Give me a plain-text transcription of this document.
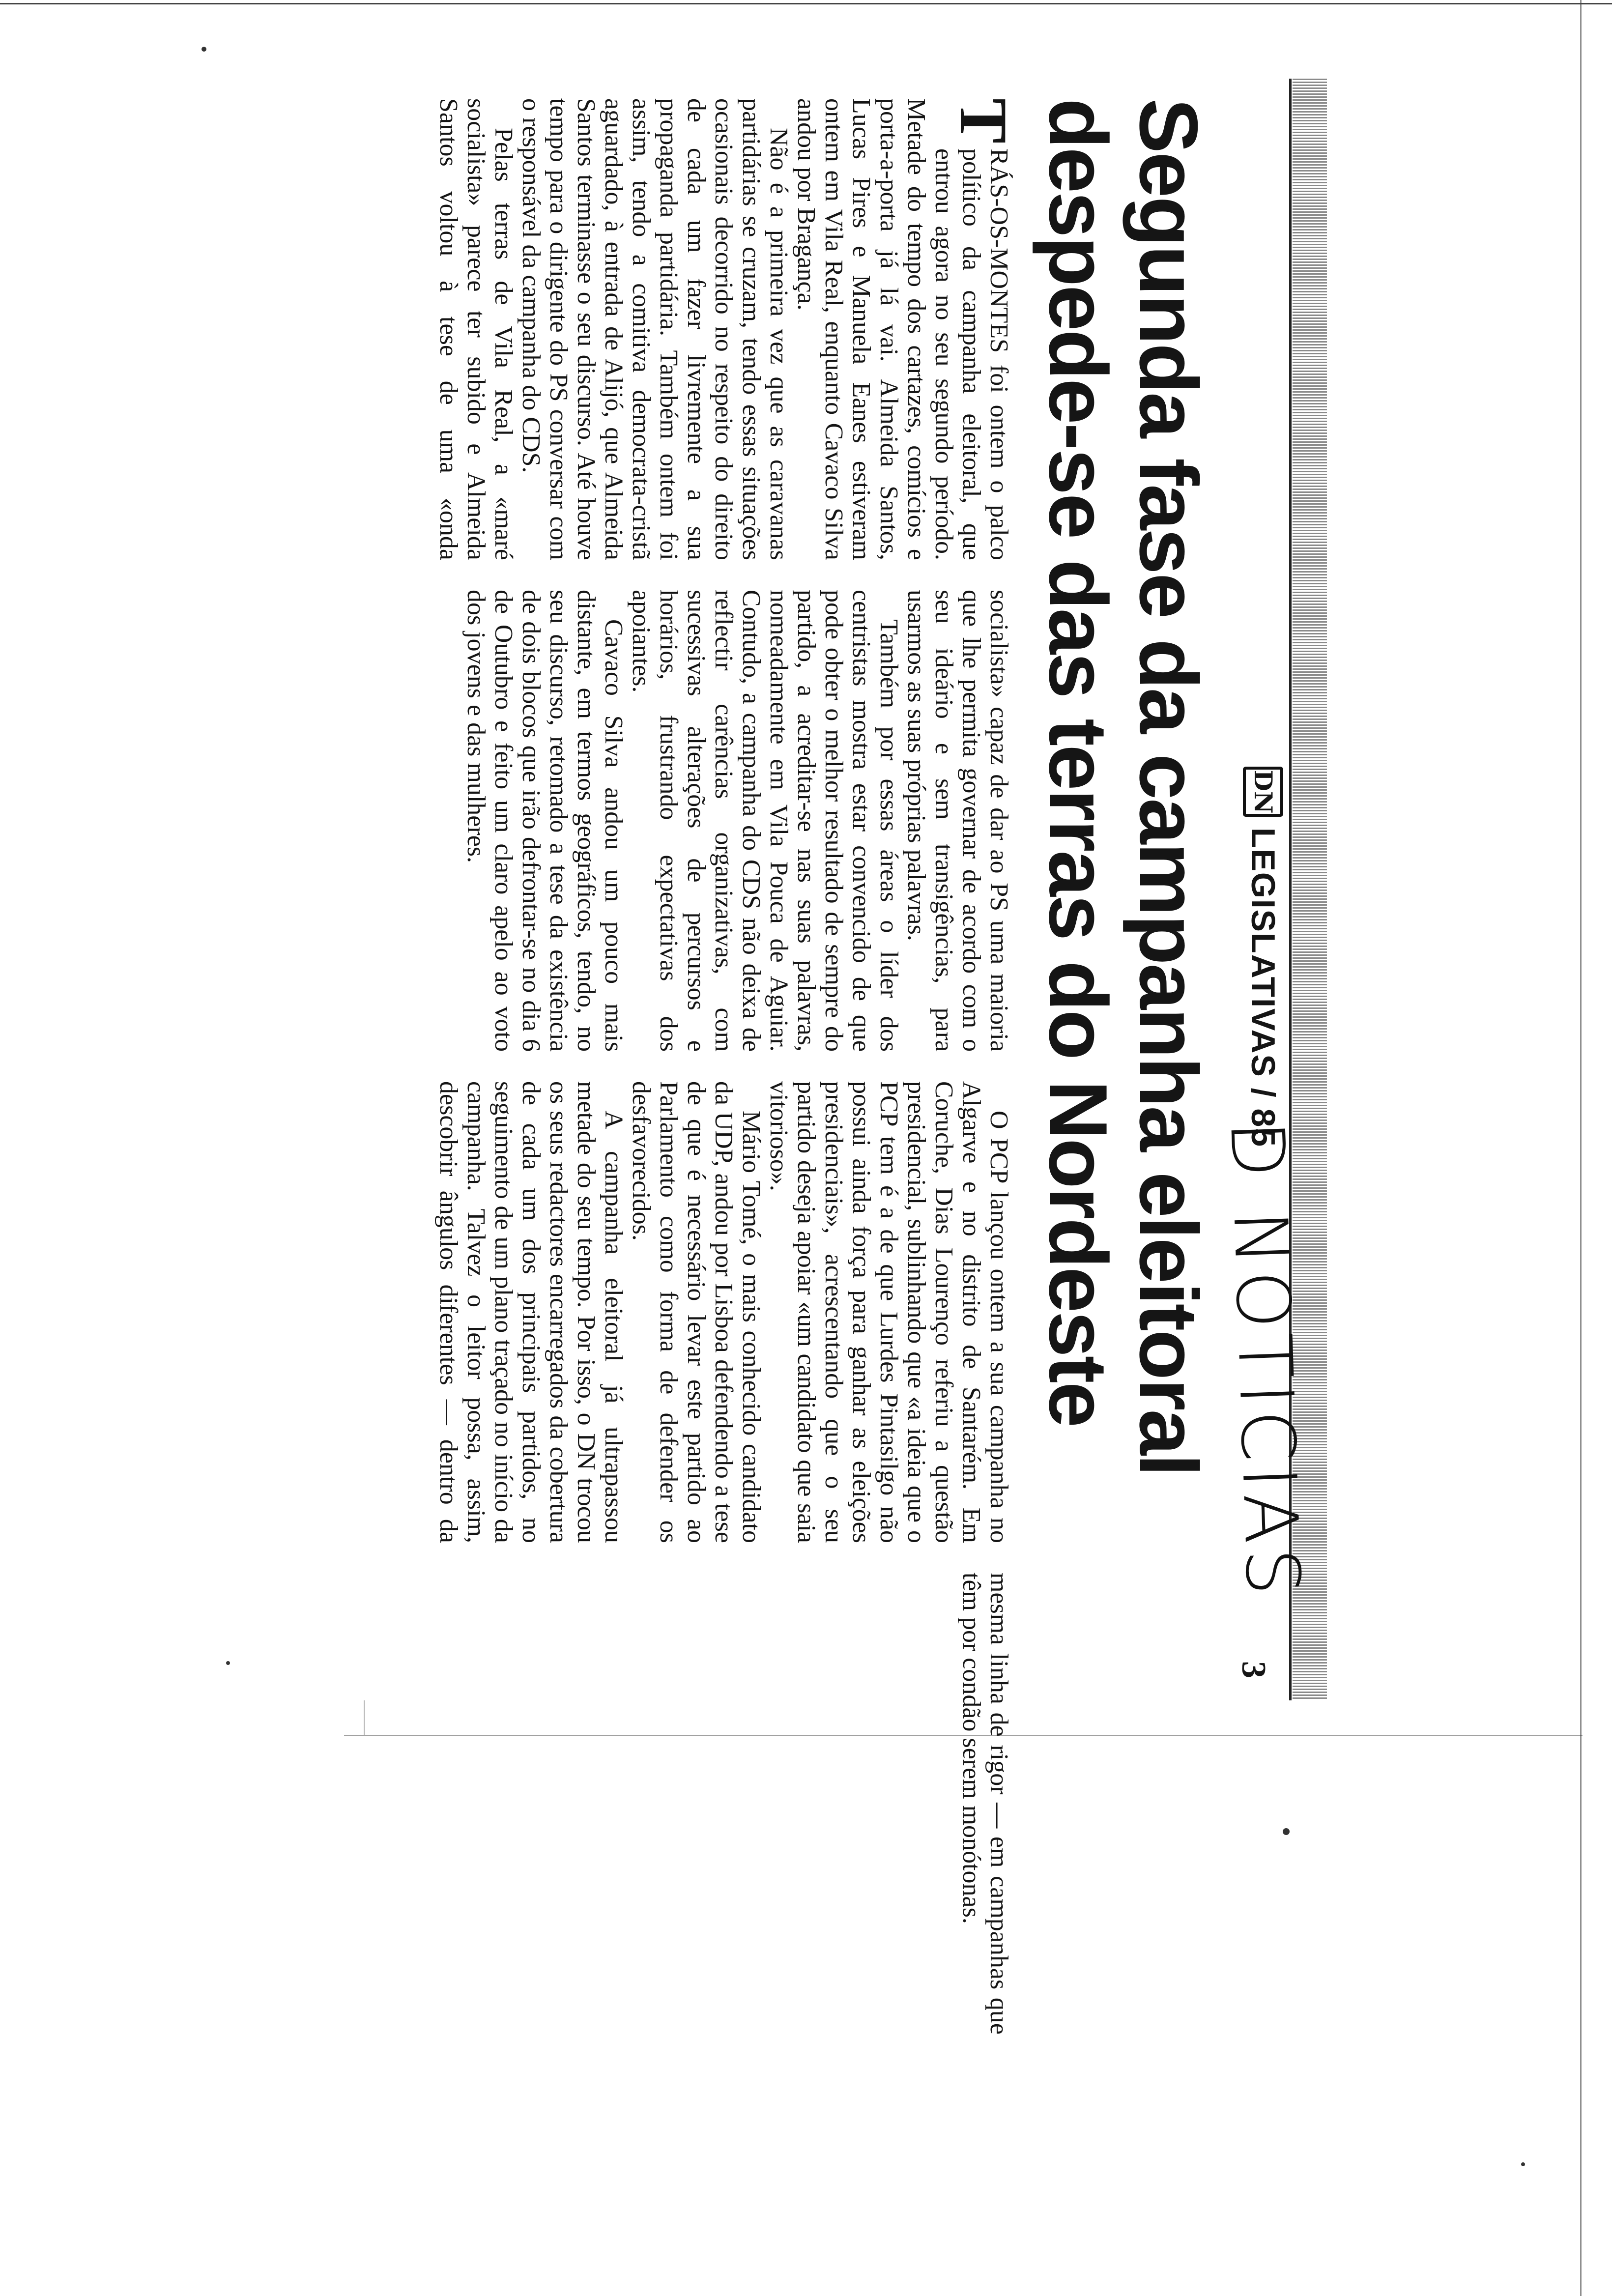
DN
LEGISLATIVAS / 85
D NOTICIAS
3
Segunda fase da campanha eleitoral despede-se das terras do Nordeste

T
RÁS-OS-MONTES foi ontem o palco político da campanha eleitoral, que entrou agora no seu segundo período. Metade do tempo dos cartazes, comícios e porta-a-porta já lá vai. Almeida Santos, Lucas Pires e Manuela Eanes estiveram ontem em Vila Real, enquanto Cavaco Silva andou por Bragança.

Não é a primeira vez que as caravanas partidárias se cruzam, tendo essas situações ocasionais decorrido no respeito do direito de cada um fazer livremente a sua propaganda partidária. Também ontem foi assim, tendo a comitiva democrata-cristã aguardado, à entrada de Alijó, que Almeida Santos terminasse o seu discurso. Até houve tempo para o dirigente do PS conversar com o responsável da campanha do CDS.

Pelas terras de Vila Real, a «maré socialista» parece ter subido e Almeida Santos voltou à tese de uma «onda socialista» capaz de dar ao PS uma maioria que lhe permita governar de acordo com o seu ideário e sem transigências, para usarmos as suas próprias palavras.

Também por essas áreas o líder dos centristas mostra estar convencido de que pode obter o melhor resultado de sempre do partido, a acreditar-se nas suas palavras, nomeadamente em Vila Pouca de Aguiar. Contudo, a campanha do CDS não deixa de reflectir carências organizativas, com sucessivas alterações de percursos e horários, frustrando expectativas dos apoiantes.

Cavaco Silva andou um pouco mais distante, em termos geográficos, tendo, no seu discurso, retomado a tese da existência de dois blocos que irão defrontar-se no dia 6 de Outubro e feito um claro apelo ao voto dos jovens e das mulheres.

O PCP lançou ontem a sua campanha no Algarve e no distrito de Santarém. Em Coruche, Dias Lourenço referiu a questão presidencial, sublinhando que «a ideia que o PCP tem é a de que Lurdes Pintasilgo não possui ainda força para ganhar as eleições presidenciais», acrescentando que o seu partido deseja apoiar «um candidato que saia vitorioso».

Mário Tomé, o mais conhecido candidato da UDP, andou por Lisboa defendendo a tese de que é necessário levar este partido ao Parlamento como forma de defender os desfavorecidos.

A campanha eleitoral já ultrapassou metade do seu tempo. Por isso, o DN trocou os seus redactores encarregados da cobertura de cada um dos principais partidos, no seguimento de um plano traçado no início da campanha. Talvez o leitor possa, assim, descobrir ângulos diferentes — dentro da mesma linha de rigor — em campanhas que têm por condão serem monótonas.
